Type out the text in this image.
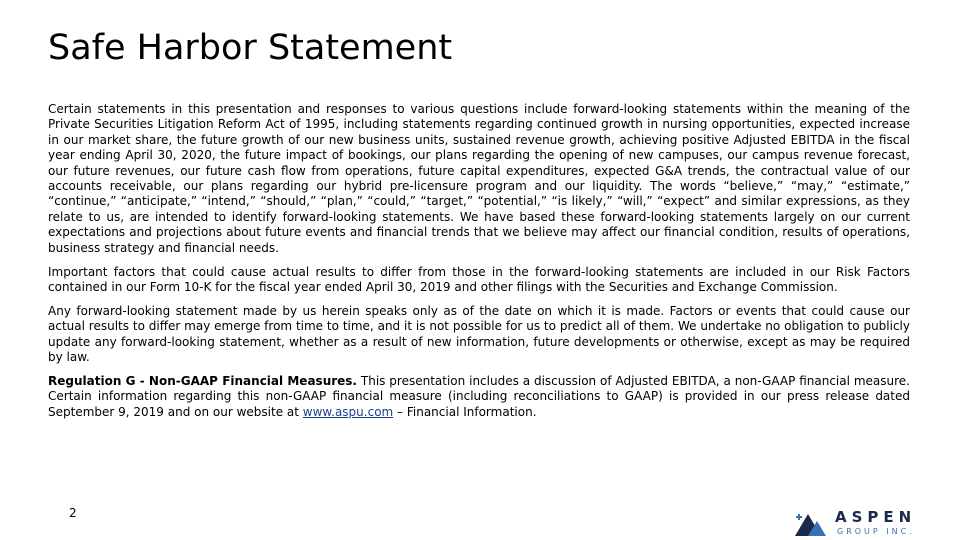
Safe Harbor Statement

Certain statements in this presentation and responses to various questions include forward-looking statements within the meaning of the Private Securities Litigation Reform Act of 1995, including statements regarding continued growth in nursing opportunities, expected increase in our market share, the future growth of our new business units, sustained revenue growth, achieving positive Adjusted EBITDA in the fiscal year ending April 30, 2020, the future impact of bookings, our plans regarding the opening of new campuses, our campus revenue forecast, our future revenues, our future cash flow from operations, future capital expenditures, expected G&A trends, the contractual value of our accounts receivable, our plans regarding our hybrid pre-licensure program and our liquidity. The words “believe,” “may,” “estimate,” “continue,” “anticipate,” “intend,” “should,” “plan,” “could,” “target,” “potential,” “is likely,” “will,” “expect” and similar expressions, as they relate to us, are intended to identify forward-looking statements. We have based these forward-looking statements largely on our current expectations and projections about future events and financial trends that we believe may affect our financial condition, results of operations, business strategy and financial needs.

Important factors that could cause actual results to differ from those in the forward-looking statements are included in our Risk Factors contained in our Form 10-K for the fiscal year ended April 30, 2019 and other filings with the Securities and Exchange Commission.

Any forward-looking statement made by us herein speaks only as of the date on which it is made. Factors or events that could cause our actual results to differ may emerge from time to time, and it is not possible for us to predict all of them. We undertake no obligation to publicly update any forward-looking statement, whether as a result of new information, future developments or otherwise, except as may be required by law.

Regulation G - Non-GAAP Financial Measures. This presentation includes a discussion of Adjusted EBITDA, a non-GAAP financial measure. Certain information regarding this non-GAAP financial measure (including reconciliations to GAAP) is provided in our press release dated September 9, 2019 and on our website at www.aspu.com – Financial Information.

2	ASPEN
GROUP INC.
